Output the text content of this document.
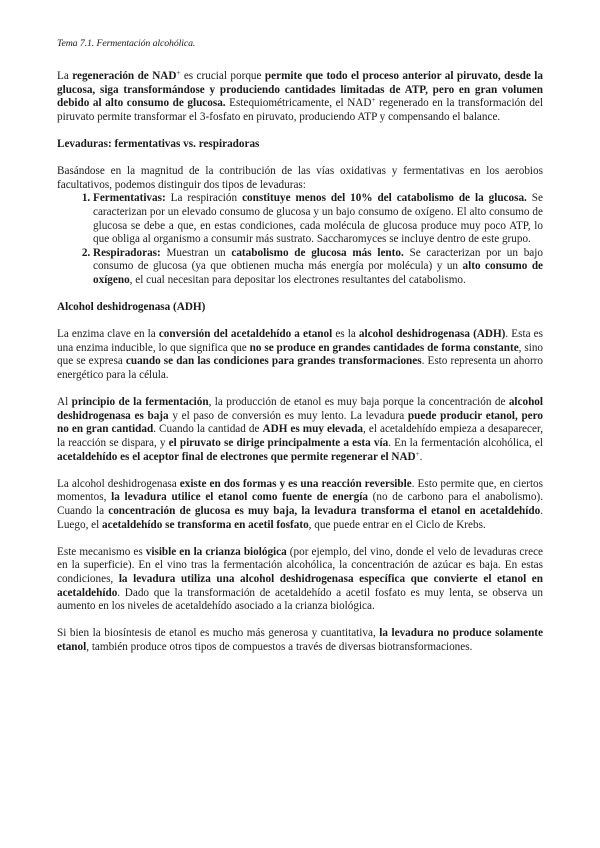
Tema 7.1. Fermentación alcohólica.

La regeneración de NAD+ es crucial porque permite que todo el proceso anterior al piruvato, desde la glucosa, siga transformándose y produciendo cantidades limitadas de ATP, pero en gran volumen debido al alto consumo de glucosa. Estequiométricamente, el NAD+ regenerado en la transformación del piruvato permite transformar el 3-fosfato en piruvato, produciendo ATP y compensando el balance.

Levaduras: fermentativas vs. respiradoras

Basándose en la magnitud de la contribución de las vías oxidativas y fermentativas en los aerobios facultativos, podemos distinguir dos tipos de levaduras:

1. Fermentativas: La respiración constituye menos del 10% del catabolismo de la glucosa. Se caracterizan por un elevado consumo de glucosa y un bajo consumo de oxígeno. El alto consumo de glucosa se debe a que, en estas condiciones, cada molécula de glucosa produce muy poco ATP, lo que obliga al organismo a consumir más sustrato. Saccharomyces se incluye dentro de este grupo.
2. Respiradoras: Muestran un catabolismo de glucosa más lento. Se caracterizan por un bajo consumo de glucosa (ya que obtienen mucha más energía por molécula) y un alto consumo de oxígeno, el cual necesitan para depositar los electrones resultantes del catabolismo.
Alcohol deshidrogenasa (ADH)

La enzima clave en la conversión del acetaldehído a etanol es la alcohol deshidrogenasa (ADH). Esta es una enzima inducible, lo que significa que no se produce en grandes cantidades de forma constante, sino que se expresa cuando se dan las condiciones para grandes transformaciones. Esto representa un ahorro energético para la célula.

Al principio de la fermentación, la producción de etanol es muy baja porque la concentración de alcohol deshidrogenasa es baja y el paso de conversión es muy lento. La levadura puede producir etanol, pero no en gran cantidad. Cuando la cantidad de ADH es muy elevada, el acetaldehído empieza a desaparecer, la reacción se dispara, y el piruvato se dirige principalmente a esta vía. En la fermentación alcohólica, el acetaldehído es el aceptor final de electrones que permite regenerar el NAD+.

La alcohol deshidrogenasa existe en dos formas y es una reacción reversible. Esto permite que, en ciertos momentos, la levadura utilice el etanol como fuente de energía (no de carbono para el anabolismo). Cuando la concentración de glucosa es muy baja, la levadura transforma el etanol en acetaldehído. Luego, el acetaldehído se transforma en acetil fosfato, que puede entrar en el Ciclo de Krebs.

Este mecanismo es visible en la crianza biológica (por ejemplo, del vino, donde el velo de levaduras crece en la superficie). En el vino tras la fermentación alcohólica, la concentración de azúcar es baja. En estas condiciones, la levadura utiliza una alcohol deshidrogenasa específica que convierte el etanol en acetaldehído. Dado que la transformación de acetaldehído a acetil fosfato es muy lenta, se observa un aumento en los niveles de acetaldehído asociado a la crianza biológica.

Si bien la biosíntesis de etanol es mucho más generosa y cuantitativa, la levadura no produce solamente etanol, también produce otros tipos de compuestos a través de diversas biotransformaciones.
